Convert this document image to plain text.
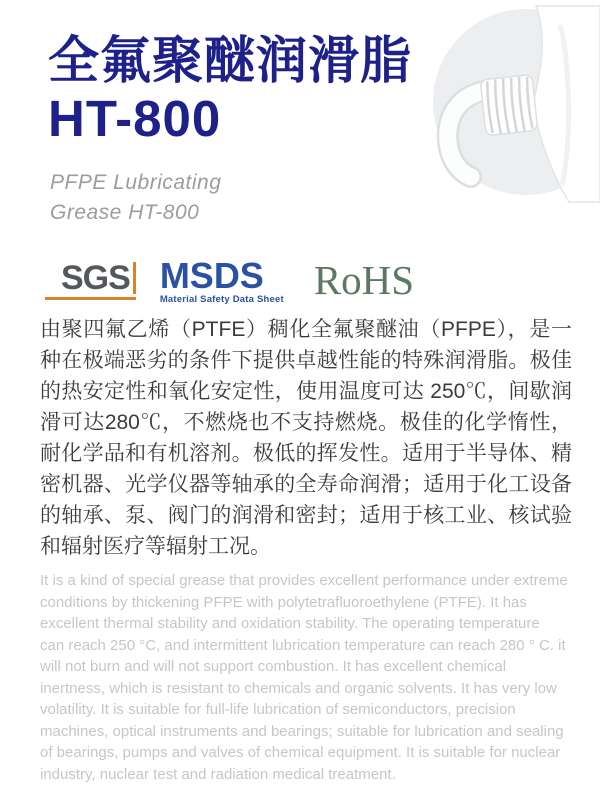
全氟聚醚润滑脂
HT-800
PFPE Lubricating
Grease HT-800
SGS MSDS
Material Safety Data Sheet RoHS

由聚四氟乙烯（PTFE）稠化全氟聚醚油（PFPE），是一种在极端恶劣的条件下提供卓越性能的特殊润滑脂。极佳的热安定性和氧化安定性，使用温度可达 250℃，间歇润滑可达280℃，不燃烧也不支持燃烧。极佳的化学惰性，耐化学品和有机溶剂。极低的挥发性。适用于半导体、精密机器、光学仪器等轴承的全寿命润滑；适用于化工设备的轴承、泵、阀门的润滑和密封；适用于核工业、核试验和辐射医疗等辐射工况。

It is a kind of special grease that provides excellent performance under extreme conditions by thickening PFPE with polytetrafluoroethylene (PTFE). It has excellent thermal stability and oxidation stability. The operating temperature can reach 250 °C, and intermittent lubrication temperature can reach 280 ° C. it will not burn and will not support combustion. It has excellent chemical inertness, which is resistant to chemicals and organic solvents. It has very low volatility. It is suitable for full-life lubrication of semiconductors, precision machines, optical instruments and bearings; suitable for lubrication and sealing of bearings, pumps and valves of chemical equipment. It is suitable for nuclear industry, nuclear test and radiation medical treatment.
